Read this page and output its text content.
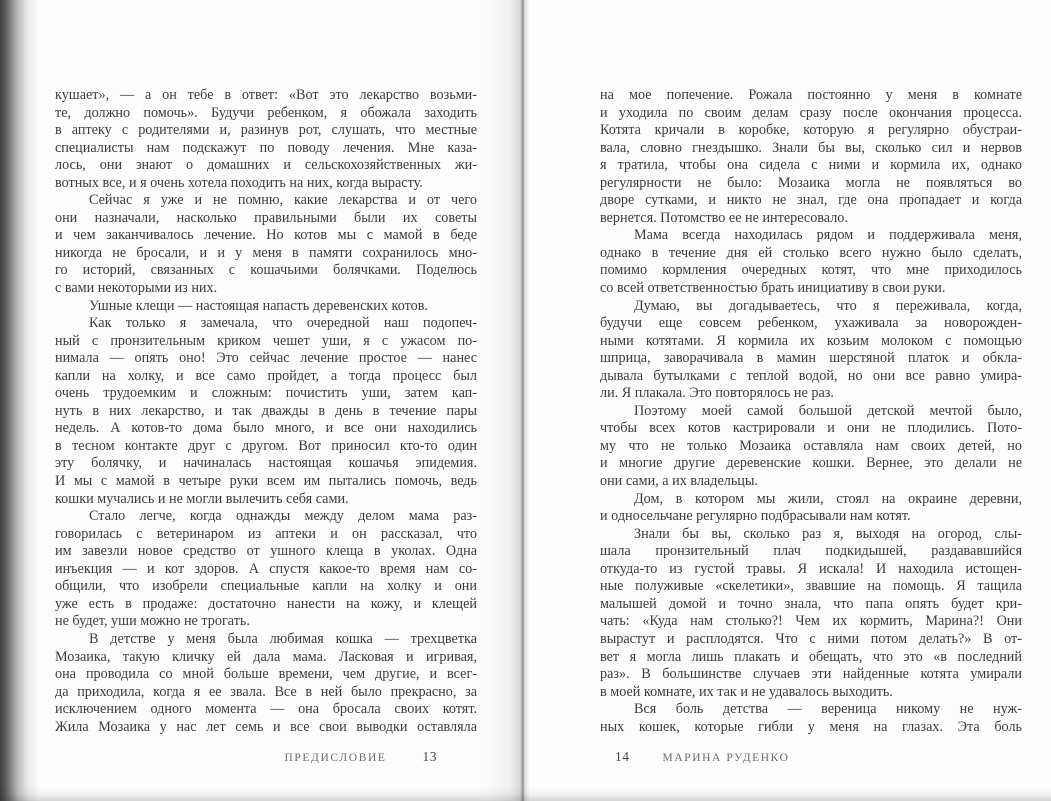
кушает», — а он тебе в ответ: «Вот это лекарство возьми-
те, должно помочь». Будучи ребенком, я обожала заходить
в аптеку с родителями и, разинув рот, слушать, что местные
специалисты нам подскажут по поводу лечения. Мне каза-
лось, они знают о домашних и сельскохозяйственных жи-
вотных все, и я очень хотела походить на них, когда вырасту.
Сейчас я уже и не помню, какие лекарства и от чего
они назначали, насколько правильными были их советы
и чем заканчивалось лечение. Но котов мы с мамой в беде
никогда не бросали, и и у меня в памяти сохранилось мно-
го историй, связанных с кошачьими болячками. Поделюсь
с вами некоторыми из них.
Ушные клещи — настоящая напасть деревенских котов.
Как только я замечала, что очередной наш подопеч-
ный с пронзительным криком чешет уши, я с ужасом по-
нимала — опять оно! Это сейчас лечение простое — нанес
капли на холку, и все само пройдет, а тогда процесс был
очень трудоемким и сложным: почистить уши, затем кап-
нуть в них лекарство, и так дважды в день в течение пары
недель. А котов-то дома было много, и все они находились
в тесном контакте друг с другом. Вот приносил кто-то один
эту болячку, и начиналась настоящая кошачья эпидемия.
И мы с мамой в четыре руки всем им пытались помочь, ведь
кошки мучались и не могли вылечить себя сами.
Стало легче, когда однажды между делом мама раз-
говорилась с ветеринаром из аптеки и он рассказал, что
им завезли новое средство от ушного клеща в уколах. Одна
инъекция — и кот здоров. А спустя какое-то время нам со-
общили, что изобрели специальные капли на холку и они
уже есть в продаже: достаточно нанести на кожу, и клещей
не будет, уши можно не трогать.
В детстве у меня была любимая кошка — трехцветка
Мозаика, такую кличку ей дала мама. Ласковая и игривая,
она проводила со мной больше времени, чем другие, и всег-
да приходила, когда я ее звала. Все в ней было прекрасно, за
исключением одного момента — она бросала своих котят.
Жила Мозаика у нас лет семь и все свои выводки оставляла
ПРЕДИСЛОВИЕ	13
на мое попечение. Рожала постоянно у меня в комнате
и уходила по своим делам сразу после окончания процесса.
Котята кричали в коробке, которую я регулярно обустраи-
вала, словно гнездышко. Знали бы вы, сколько сил и нервов
я тратила, чтобы она сидела с ними и кормила их, однако
регулярности не было: Мозаика могла не появляться во
дворе сутками, и никто не знал, где она пропадает и когда
вернется. Потомство ее не интересовало.
Мама всегда находилась рядом и поддерживала меня,
однако в течение дня ей столько всего нужно было сделать,
помимо кормления очередных котят, что мне приходилось
со всей ответственностью брать инициативу в свои руки.
Думаю, вы догадываетесь, что я переживала, когда,
будучи еще совсем ребенком, ухаживала за новорожден-
ными котятами. Я кормила их козьим молоком с помощью
шприца, заворачивала в мамин шерстяной платок и обкла-
дывала бутылками с теплой водой, но они все равно умира-
ли. Я плакала. Это повторялось не раз.
Поэтому моей самой большой детской мечтой было,
чтобы всех котов кастрировали и они не плодились. Пото-
му что не только Мозаика оставляла нам своих детей, но
и многие другие деревенские кошки. Вернее, это делали не
они сами, а их владельцы.
Дом, в котором мы жили, стоял на окраине деревни,
и односельчане регулярно подбрасывали нам котят.
Знали бы вы, сколько раз я, выходя на огород, слы-
шала пронзительный плач подкидышей, раздававшийся
откуда-то из густой травы. Я искала! И находила истощен-
ные полуживые «скелетики», звавшие на помощь. Я тащила
малышей домой и точно знала, что папа опять будет кри-
чать: «Куда нам столько?! Чем их кормить, Марина?! Они
вырастут и расплодятся. Что с ними потом делать?» В от-
вет я могла лишь плакать и обещать, что это «в последний
раз». В большинстве случаев эти найденные котята умирали
в моей комнате, их так и не удавалось выходить.
Вся боль детства — вереница никому не нуж-
ных кошек, которые гибли у меня на глазах. Эта боль
14	МАРИНА РУДЕНКО
